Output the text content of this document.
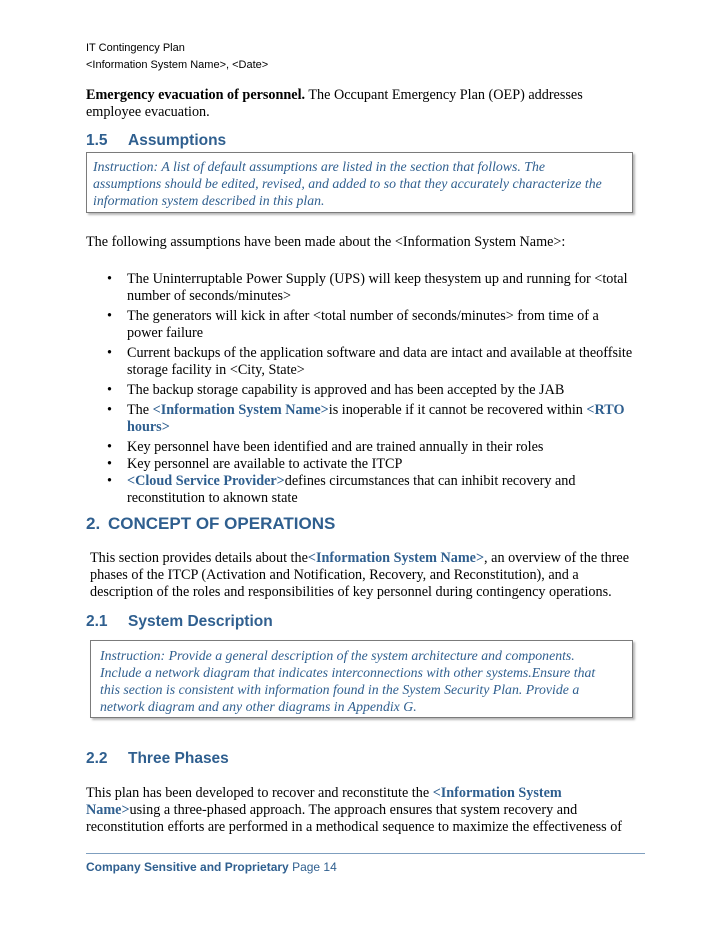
IT Contingency Plan
<Information System Name>, <Date>
Emergency evacuation of personnel. The Occupant Emergency Plan (OEP) addresses
employee evacuation.
1.5 Assumptions
Instruction: A list of default assumptions are listed in the section that follows. The
assumptions should be edited, revised, and added to so that they accurately characterize the
information system described in this plan.
The following assumptions have been made about the <Information System Name>:
• The Uninterruptable Power Supply (UPS) will keep thesystem up and running for <total
number of seconds/minutes>
• The generators will kick in after <total number of seconds/minutes> from time of a
power failure
• Current backups of the application software and data are intact and available at theoffsite
storage facility in <City, State>
• The backup storage capability is approved and has been accepted by the JAB
• The <Information System Name>is inoperable if it cannot be recovered within <RTO
hours>
• Key personnel have been identified and are trained annually in their roles
• Key personnel are available to activate the ITCP
• <Cloud Service Provider>defines circumstances that can inhibit recovery and
reconstitution to aknown state
2. CONCEPT OF OPERATIONS
This section provides details about the<Information System Name>, an overview of the three
phases of the ITCP (Activation and Notification, Recovery, and Reconstitution), and a
description of the roles and responsibilities of key personnel during contingency operations.
2.1 System Description
Instruction: Provide a general description of the system architecture and components.
Include a network diagram that indicates interconnections with other systems.Ensure that
this section is consistent with information found in the System Security Plan. Provide a
network diagram and any other diagrams in Appendix G.
2.2 Three Phases
This plan has been developed to recover and reconstitute the <Information System
Name>using a three-phased approach. The approach ensures that system recovery and
reconstitution efforts are performed in a methodical sequence to maximize the effectiveness of
Company Sensitive and Proprietary Page 14
